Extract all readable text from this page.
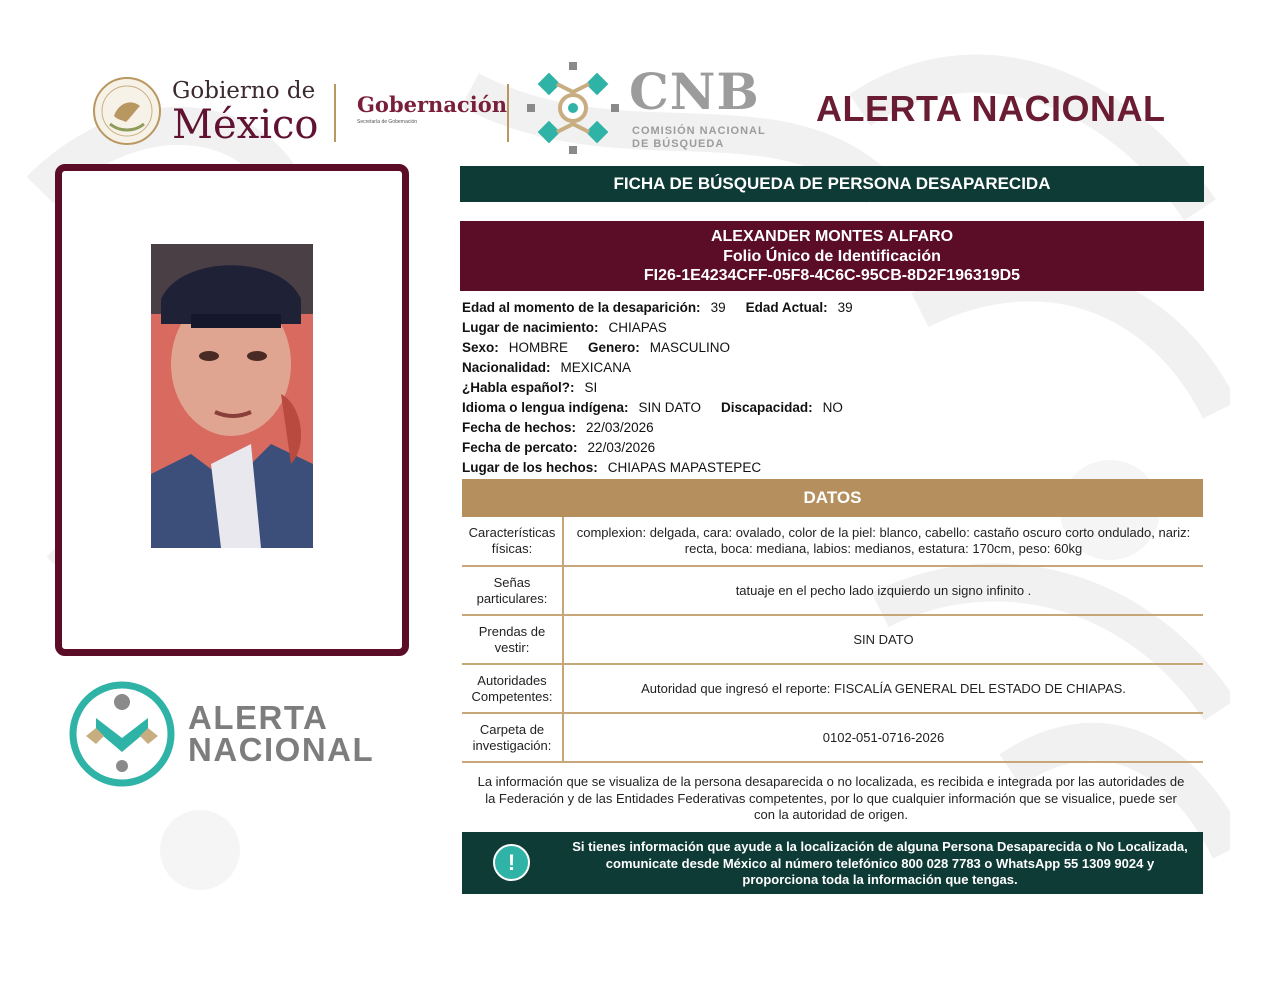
Gobierno de
México Gobernación
Secretaría de Gobernación
CNB
COMISIÓN NACIONAL
DE BÚSQUEDA
ALERTA NACIONAL
ALERTA
NACIONAL
FICHA DE BÚSQUEDA DE PERSONA DESAPARECIDA
ALEXANDER MONTES ALFARO
Folio Único de Identificación
FI26-1E4234CFF-05F8-4C6C-95CB-8D2F196319D5
Edad al momento de la desaparición: 39 Edad Actual: 39
Lugar de nacimiento: CHIAPAS
Sexo: HOMBRE Genero: MASCULINO
Nacionalidad: MEXICANA
¿Habla español?: SI
Idioma o lengua indígena: SIN DATO Discapacidad: NO
Fecha de hechos: 22/03/2026
Fecha de percato: 22/03/2026
Lugar de los hechos: CHIAPAS MAPASTEPEC
DATOS
Características
físicas:	complexion: delgada, cara: ovalado, color de la piel: blanco, cabello: castaño oscuro corto ondulado, nariz:
recta, boca: mediana, labios: medianos, estatura: 170cm, peso: 60kg
Señas
particulares:	tatuaje en el pecho lado izquierdo un signo infinito .
Prendas de
vestir:	SIN DATO
Autoridades
Competentes:	Autoridad que ingresó el reporte: FISCALÍA GENERAL DEL ESTADO DE CHIAPAS.
Carpeta de
investigación:	0102-051-0716-2026
La información que se visualiza de la persona desaparecida o no localizada, es recibida e integrada por las autoridades de
la Federación y de las Entidades Federativas competentes, por lo que cualquier información que se visualice, puede ser
con la autoridad de origen.
!
Si tienes información que ayude a la localización de alguna Persona Desaparecida o No Localizada,
comunicate desde México al número telefónico 800 028 7783 o WhatsApp 55 1309 9024 y
proporciona toda la información que tengas.
